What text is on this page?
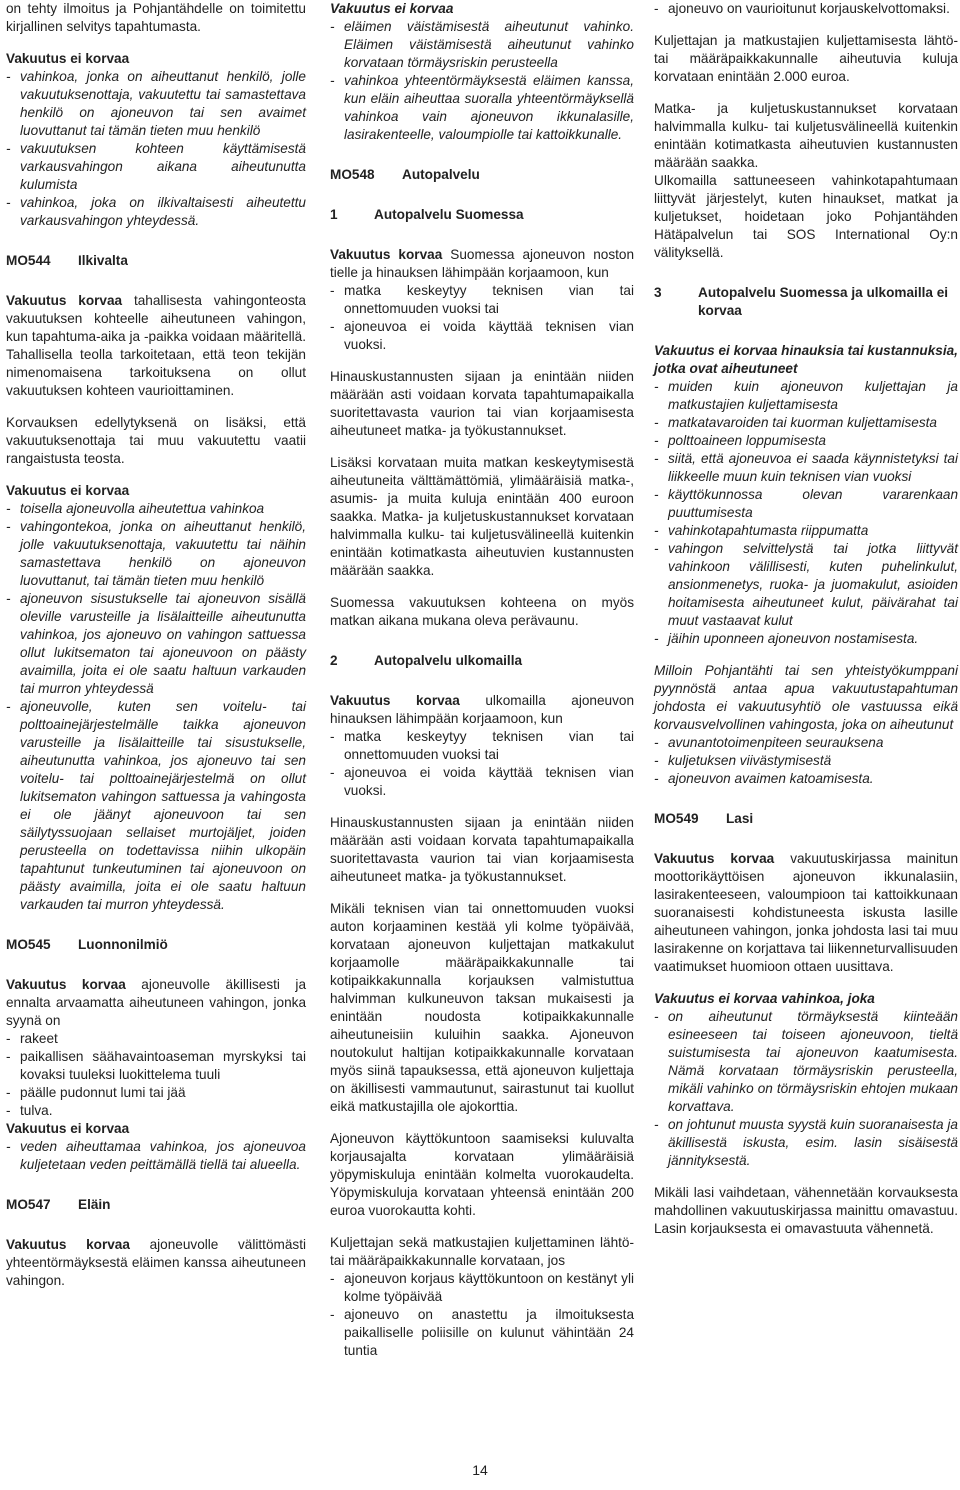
on tehty ilmoitus ja Pohjantähdelle on toimitettu kirjallinen selvitys tapahtumasta.
Vakuutus ei korvaa
- vahinkoa, jonka on aiheuttanut henkilö, jolle vakuutuksenottaja, vakuutettu tai samastettava henkilö on ajoneuvon tai sen avaimet luovuttanut tai tämän tieten muu henkilö
- vakuutuksen kohteen käyttämisestä varkausvahingon aikana aiheutunutta kulumista
- vahinkoa, joka on ilkivaltaisesti aiheutettu varkausvahingon yhteydessä.
MO544	Ilkivalta
Vakuutus korvaa tahallisesta vahingonteosta vakuutuksen kohteelle aiheutuneen vahingon, kun tapahtuma-aika ja -paikka voidaan määritellä. Tahallisella teolla tarkoitetaan, että teon tekijän nimenomaisena tarkoituksena on ollut vakuutuksen kohteen vaurioittaminen.
Korvauksen edellytyksenä on lisäksi, että vakuutuksenottaja tai muu vakuutettu vaatii rangaistusta teosta.
Vakuutus ei korvaa
- toisella ajoneuvolla aiheutettua vahinkoa
- vahingontekoa, jonka on aiheuttanut henkilö, jolle vakuutuksenottaja, vakuutettu tai näihin samastettava henkilö on ajoneuvon luovuttanut, tai tämän tieten muu henkilö
- ajoneuvon sisustukselle tai ajoneuvon sisällä oleville varusteille ja lisälaitteille aiheutunutta vahinkoa, jos ajoneuvo on vahingon sattuessa ollut lukitsematon tai ajoneuvoon on päästy avaimilla, joita ei ole saatu haltuun varkauden tai murron yhteydessä
- ajoneuvolle, kuten sen voitelu- tai polttoainejärjestelmälle taikka ajoneuvon varusteille ja lisälaitteille tai sisustukselle, aiheutunutta vahinkoa, jos ajoneuvo tai sen voitelu- tai polttoainejärjestelmä on ollut lukitsematon vahingon sattuessa ja vahingosta ei ole jäänyt ajoneuvoon tai sen säilytyssuojaan sellaiset murtojäljet, joiden perusteella on todettavissa niihin ulkopäin tapahtunut tunkeutuminen tai ajoneuvoon on päästy avaimilla, joita ei ole saatu haltuun varkauden tai murron yhteydessä.
MO545	Luonnonilmiö
Vakuutus korvaa ajoneuvolle äkillisesti ja ennalta arvaamatta aiheutuneen vahingon, jonka syynä on
- rakeet
- paikallisen säähavaintoaseman myrskyksi tai kovaksi tuuleksi luokittelema tuuli
- päälle pudonnut lumi tai jää
- tulva.
Vakuutus ei korvaa
- veden aiheuttamaa vahinkoa, jos ajoneuvoa kuljetetaan veden peittämällä tiellä tai alueella.
MO547	Eläin
Vakuutus korvaa ajoneuvolle välittömästi yhteentörmäyksestä eläimen kanssa aiheutuneen vahingon.
Vakuutus ei korvaa
- eläimen väistämisestä aiheutunut vahinko. Eläimen väistämisestä aiheutunut vahinko korvataan törmäysriskin perusteella
- vahinkoa yhteentörmäyksestä eläimen kanssa, kun eläin aiheuttaa suoralla yhteentörmäyksellä vahinkoa vain ajoneuvon ikkunalasille, lasirakenteelle, valoumpiolle tai kattoikkunalle.
MO548	Autopalvelu
1	Autopalvelu Suomessa
Vakuutus korvaa Suomessa ajoneuvon noston tielle ja hinauksen lähimpään korjaamoon, kun
- matka keskeytyy teknisen vian tai onnettomuuden vuoksi tai
- ajoneuvoa ei voida käyttää teknisen vian vuoksi.
Hinauskustannusten sijaan ja enintään niiden määrään asti voidaan korvata tapahtumapaikalla suoritettavasta vaurion tai vian korjaamisesta aiheutuneet matka- ja työkustannukset.
Lisäksi korvataan muita matkan keskeytymisestä aiheutuneita välttämättömiä, ylimääräisiä matka-, asumis- ja muita kuluja enintään 400 euroon saakka. Matka- ja kuljetuskustannukset korvataan halvimmalla kulku- tai kuljetusvälineellä kuitenkin enintään kotimatkasta aiheutuvien kustannusten määrään saakka.
Suomessa vakuutuksen kohteena on myös matkan aikana mukana oleva perävaunu.
2	Autopalvelu ulkomailla
Vakuutus korvaa ulkomailla ajoneuvon hinauksen lähimpään korjaamoon, kun
- matka keskeytyy teknisen vian tai onnettomuuden vuoksi tai
- ajoneuvoa ei voida käyttää teknisen vian vuoksi.
Hinauskustannusten sijaan ja enintään niiden määrään asti voidaan korvata tapahtumapaikalla suoritettavasta vaurion tai vian korjaamisesta aiheutuneet matka- ja työkustannukset.
Mikäli teknisen vian tai onnettomuuden vuoksi auton korjaaminen kestää yli kolme työpäivää, korvataan ajoneuvon kuljettajan matkakulut korjaamolle määräpaikkakunnalle tai kotipaikkakunnalla korjauksen valmistuttua halvimman kulkuneuvon taksan mukaisesti ja enintään noudosta kotipaikkakunnalle aiheutuneisiin kuluihin saakka. Ajoneuvon noutokulut haltijan kotipaikkakunnalle korvataan myös siinä tapauksessa, että ajoneuvon kuljettaja on äkillisesti vammautunut, sairastunut tai kuollut eikä matkustajilla ole ajokorttia.
Ajoneuvon käyttökuntoon saamiseksi kuluvalta korjausajalta korvataan ylimääräisiä yöpymiskuluja enintään kolmelta vuorokaudelta. Yöpymiskuluja korvataan yhteensä enintään 200 euroa vuorokautta kohti.
Kuljettajan sekä matkustajien kuljettaminen lähtö- tai määräpaikkakunnalle korvataan, jos
- ajoneuvon korjaus käyttökuntoon on kestänyt yli kolme työpäivää
- ajoneuvo on anastettu ja ilmoituksesta paikalliselle poliisille on kulunut vähintään 24 tuntia
- ajoneuvo on vaurioitunut korjauskelvottomaksi.
Kuljettajan ja matkustajien kuljettamisesta lähtö- tai määräpaikkakunnalle aiheutuvia kuluja korvataan enintään 2.000 euroa.
Matka- ja kuljetuskustannukset korvataan halvimmalla kulku- tai kuljetusvälineellä kuitenkin enintään kotimatkasta aiheutuvien kustannusten määrään saakka.
Ulkomailla sattuneeseen vahinkotapahtumaan liittyvät järjestelyt, kuten hinaukset, matkat ja kuljetukset, hoidetaan joko Pohjantähden Hätäpalvelun tai SOS International Oy:n välityksellä.
3	Autopalvelu Suomessa ja ulkomailla ei korvaa
Vakuutus ei korvaa hinauksia tai kustannuksia, jotka ovat aiheutuneet
- muiden kuin ajoneuvon kuljettajan ja matkustajien kuljettamisesta
- matkatavaroiden tai kuorman kuljettamisesta
- polttoaineen loppumisesta
- siitä, että ajoneuvoa ei saada käynnistetyksi tai liikkeelle muun kuin teknisen vian vuoksi
- käyttökunnossa olevan vararenkaan puuttumisesta
- vahinkotapahtumasta riippumatta
- vahingon selvittelystä tai jotka liittyvät vahinkoon välillisesti, kuten puhelinkulut, ansionmenetys, ruoka- ja juomakulut, asioiden hoitamisesta aiheutuneet kulut, päivärahat tai muut vastaavat kulut
- jäihin uponneen ajoneuvon nostamisesta.
Milloin Pohjantähti tai sen yhteistyökumppani pyynnöstä antaa apua vakuutustapahtuman johdosta ei vakuutusyhtiö ole vastuussa eikä korvausvelvollinen vahingosta, joka on aiheutunut
- avunantotoimenpiteen seurauksena
- kuljetuksen viivästymisestä
- ajoneuvon avaimen katoamisesta.
MO549	Lasi
Vakuutus korvaa vakuutuskirjassa mainitun moottorikäyttöisen ajoneuvon ikkunalasiin, lasirakenteeseen, valoumpioon tai kattoikkunaan suoranaisesti kohdistuneesta iskusta lasille aiheutuneen vahingon, jonka johdosta lasi tai muu lasirakenne on korjattava tai liikenneturvallisuuden vaatimukset huomioon ottaen uusittava.
Vakuutus ei korvaa vahinkoa, joka
- on aiheutunut törmäyksestä kiinteään esineeseen tai toiseen ajoneuvoon, tieltä suistumisesta tai ajoneuvon kaatumisesta. Nämä korvataan törmäysriskin perusteella, mikäli vahinko on törmäysriskin ehtojen mukaan korvattava.
- on johtunut muusta syystä kuin suoranaisesta ja äkillisestä iskusta, esim. lasin sisäisestä jännityksestä.
Mikäli lasi vaihdetaan, vähennetään korvauksesta mahdollinen vakuutuskirjassa mainittu omavastuu. Lasin korjauksesta ei omavastuuta vähennetä.
14
